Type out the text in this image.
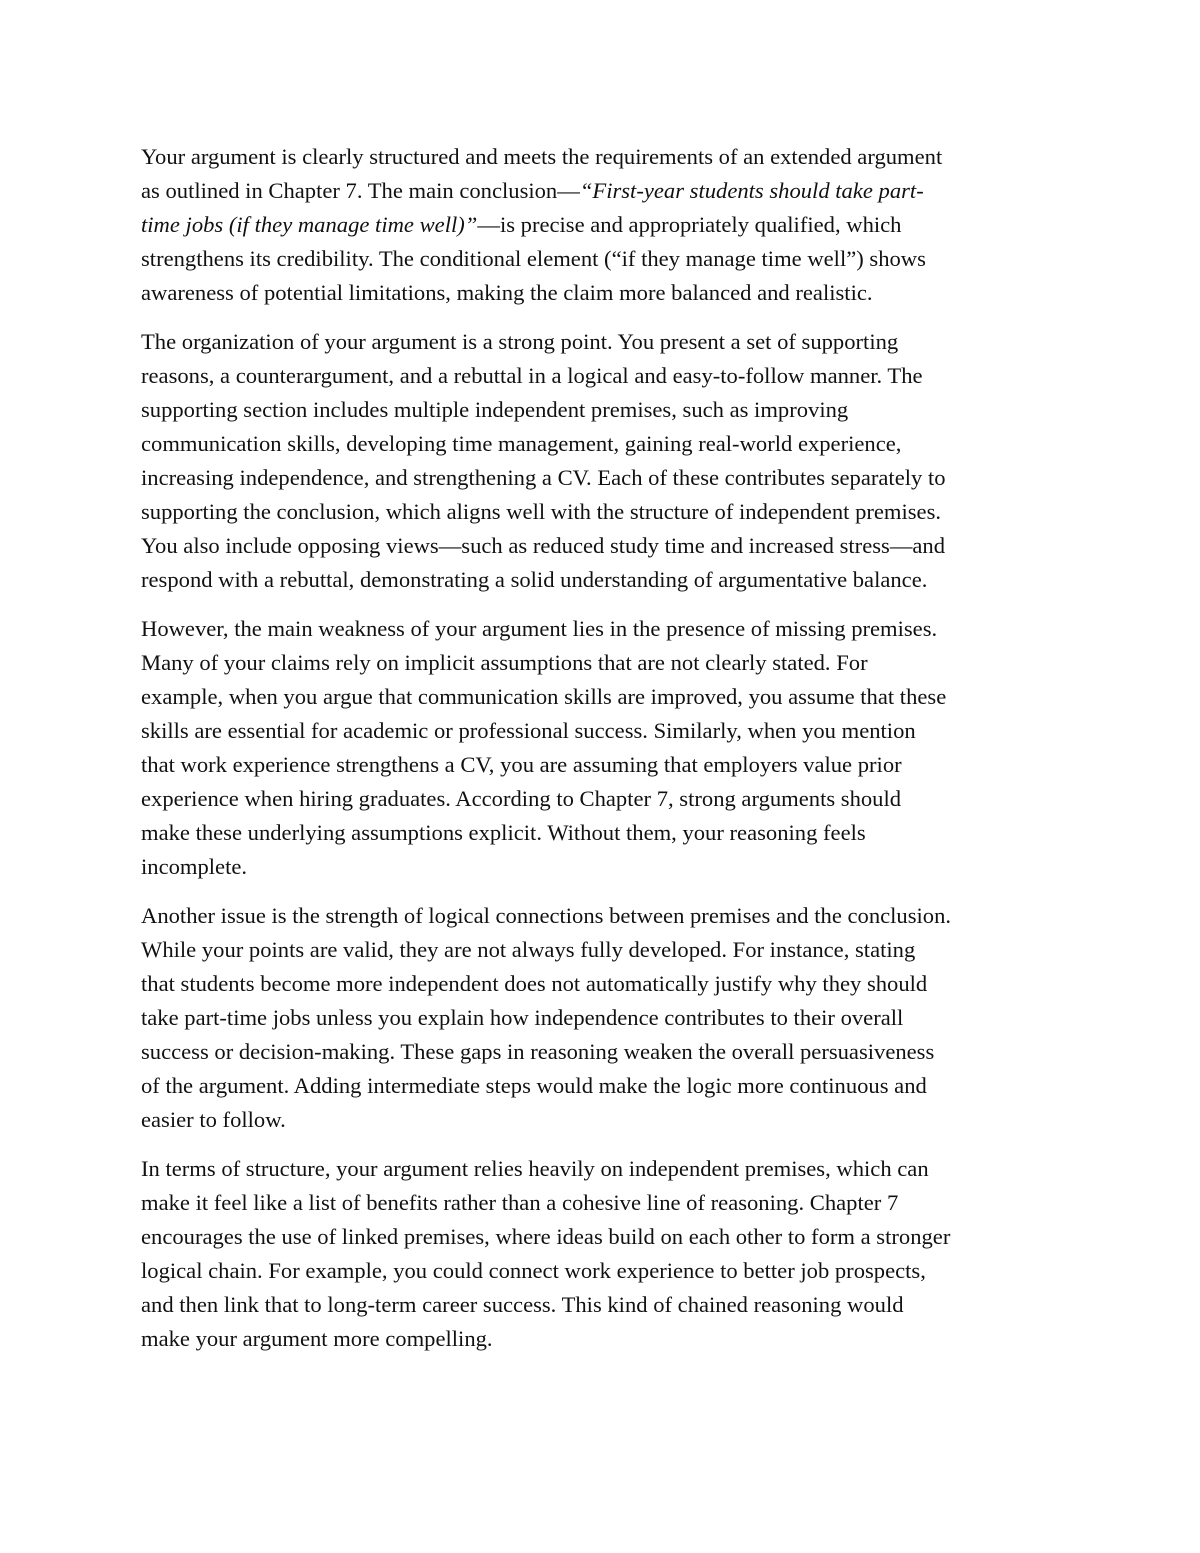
Your argument is clearly structured and meets the requirements of an extended argument
as outlined in Chapter 7. The main conclusion—“First-year students should take part-
time jobs (if they manage time well)”—is precise and appropriately qualified, which
strengthens its credibility. The conditional element (“if they manage time well”) shows
awareness of potential limitations, making the claim more balanced and realistic.

The organization of your argument is a strong point. You present a set of supporting
reasons, a counterargument, and a rebuttal in a logical and easy-to-follow manner. The
supporting section includes multiple independent premises, such as improving
communication skills, developing time management, gaining real-world experience,
increasing independence, and strengthening a CV. Each of these contributes separately to
supporting the conclusion, which aligns well with the structure of independent premises.
You also include opposing views—such as reduced study time and increased stress—and
respond with a rebuttal, demonstrating a solid understanding of argumentative balance.

However, the main weakness of your argument lies in the presence of missing premises.
Many of your claims rely on implicit assumptions that are not clearly stated. For
example, when you argue that communication skills are improved, you assume that these
skills are essential for academic or professional success. Similarly, when you mention
that work experience strengthens a CV, you are assuming that employers value prior
experience when hiring graduates. According to Chapter 7, strong arguments should
make these underlying assumptions explicit. Without them, your reasoning feels
incomplete.

Another issue is the strength of logical connections between premises and the conclusion.
While your points are valid, they are not always fully developed. For instance, stating
that students become more independent does not automatically justify why they should
take part-time jobs unless you explain how independence contributes to their overall
success or decision-making. These gaps in reasoning weaken the overall persuasiveness
of the argument. Adding intermediate steps would make the logic more continuous and
easier to follow.

In terms of structure, your argument relies heavily on independent premises, which can
make it feel like a list of benefits rather than a cohesive line of reasoning. Chapter 7
encourages the use of linked premises, where ideas build on each other to form a stronger
logical chain. For example, you could connect work experience to better job prospects,
and then link that to long-term career success. This kind of chained reasoning would
make your argument more compelling.
